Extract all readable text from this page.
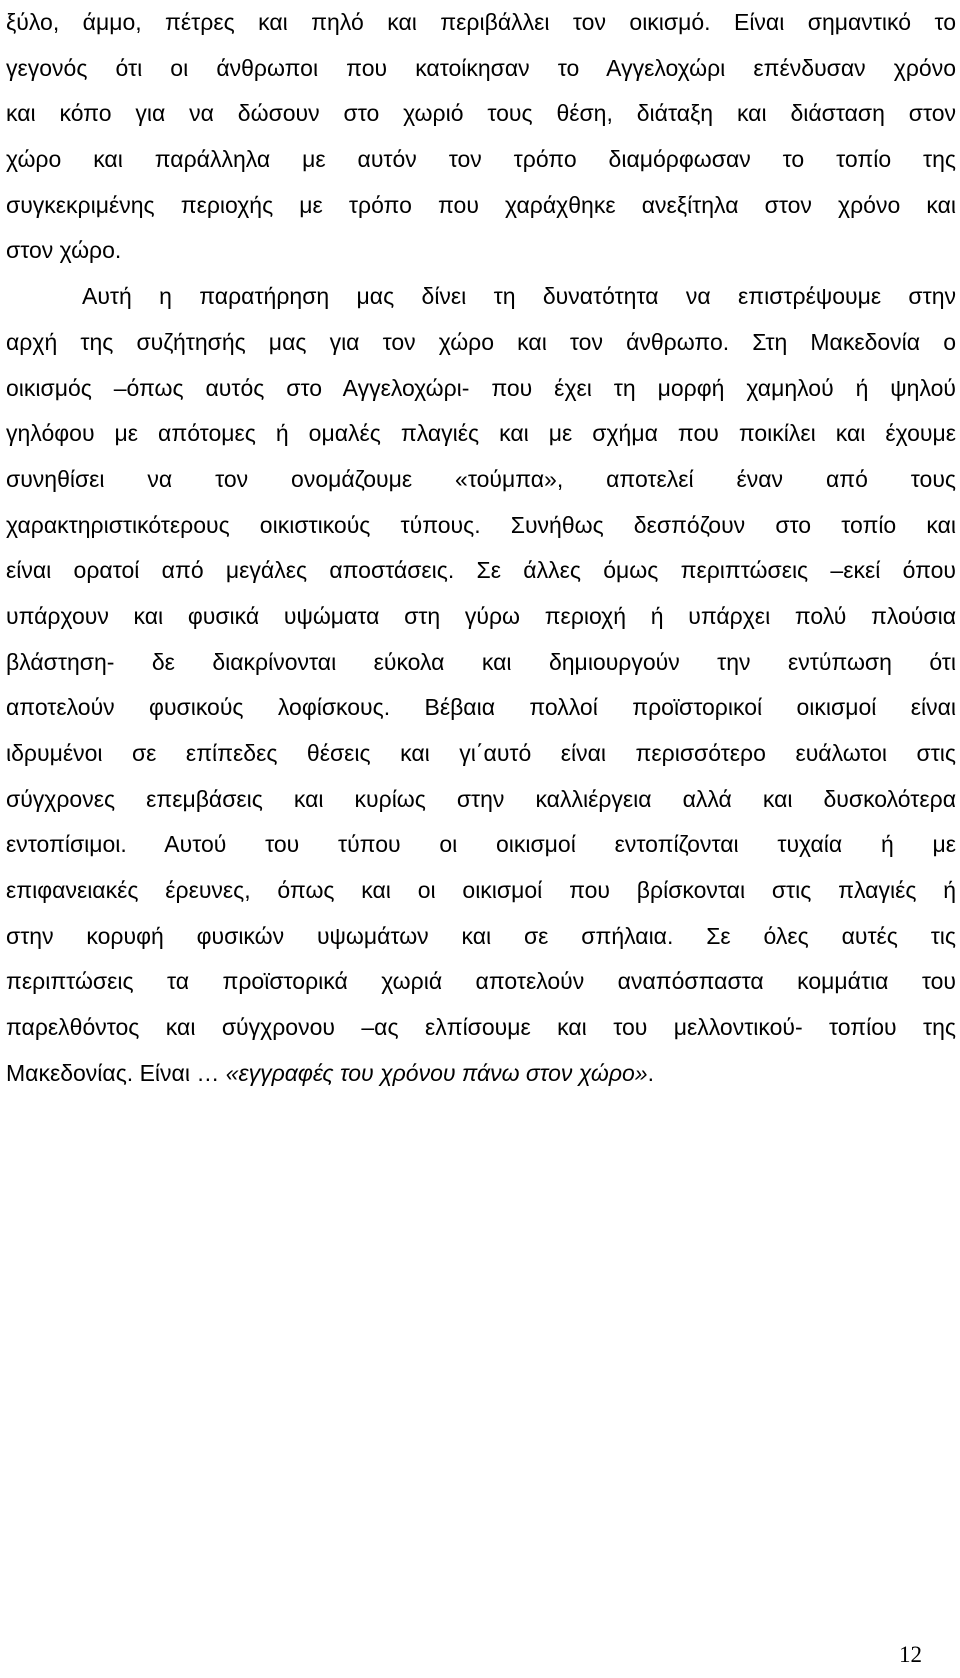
ξύλο, άμμο, πέτρες και πηλό και περιβάλλει τον οικισμό. Είναι σημαντικό το
γεγονός ότι οι άνθρωποι που κατοίκησαν το Αγγελοχώρι επένδυσαν χρόνο
και κόπο για να δώσουν στο χωριό τους θέση, διάταξη και διάσταση στον
χώρο και παράλληλα με αυτόν τον τρόπο διαμόρφωσαν το τοπίο της
συγκεκριμένης περιοχής με τρόπο που χαράχθηκε ανεξίτηλα στον χρόνο και
στον χώρο.
Αυτή η παρατήρηση μας δίνει τη δυνατότητα να επιστρέψουμε στην
αρχή της συζήτησής μας για τον χώρο και τον άνθρωπο. Στη Μακεδονία ο
οικισμός –όπως αυτός στο Αγγελοχώρι- που έχει τη μορφή χαμηλού ή ψηλού
γηλόφου με απότομες ή ομαλές πλαγιές και με σχήμα που ποικίλει και έχουμε
συνηθίσει να τον ονομάζουμε «τούμπα», αποτελεί έναν από τους
χαρακτηριστικότερους οικιστικούς τύπους. Συνήθως δεσπόζουν στο τοπίο και
είναι ορατοί από μεγάλες αποστάσεις. Σε άλλες όμως περιπτώσεις –εκεί όπου
υπάρχουν και φυσικά υψώματα στη γύρω περιοχή ή υπάρχει πολύ πλούσια
βλάστηση- δε διακρίνονται εύκολα και δημιουργούν την εντύπωση ότι
αποτελούν φυσικούς λοφίσκους. Βέβαια πολλοί προϊστορικοί οικισμοί είναι
ιδρυμένοι σε επίπεδες θέσεις και γι΄αυτό είναι περισσότερο ευάλωτοι στις
σύγχρονες επεμβάσεις και κυρίως στην καλλιέργεια αλλά και δυσκολότερα
εντοπίσιμοι. Αυτού του τύπου οι οικισμοί εντοπίζονται τυχαία ή με
επιφανειακές έρευνες, όπως και οι οικισμοί που βρίσκονται στις πλαγιές ή
στην κορυφή φυσικών υψωμάτων και σε σπήλαια. Σε όλες αυτές τις
περιπτώσεις τα προϊστορικά χωριά αποτελούν αναπόσπαστα κομμάτια του
παρελθόντος και σύγχρονου –ας ελπίσουμε και του μελλοντικού- τοπίου της
Μακεδονίας. Είναι … «εγγραφές του χρόνου πάνω στον χώρο».
12
